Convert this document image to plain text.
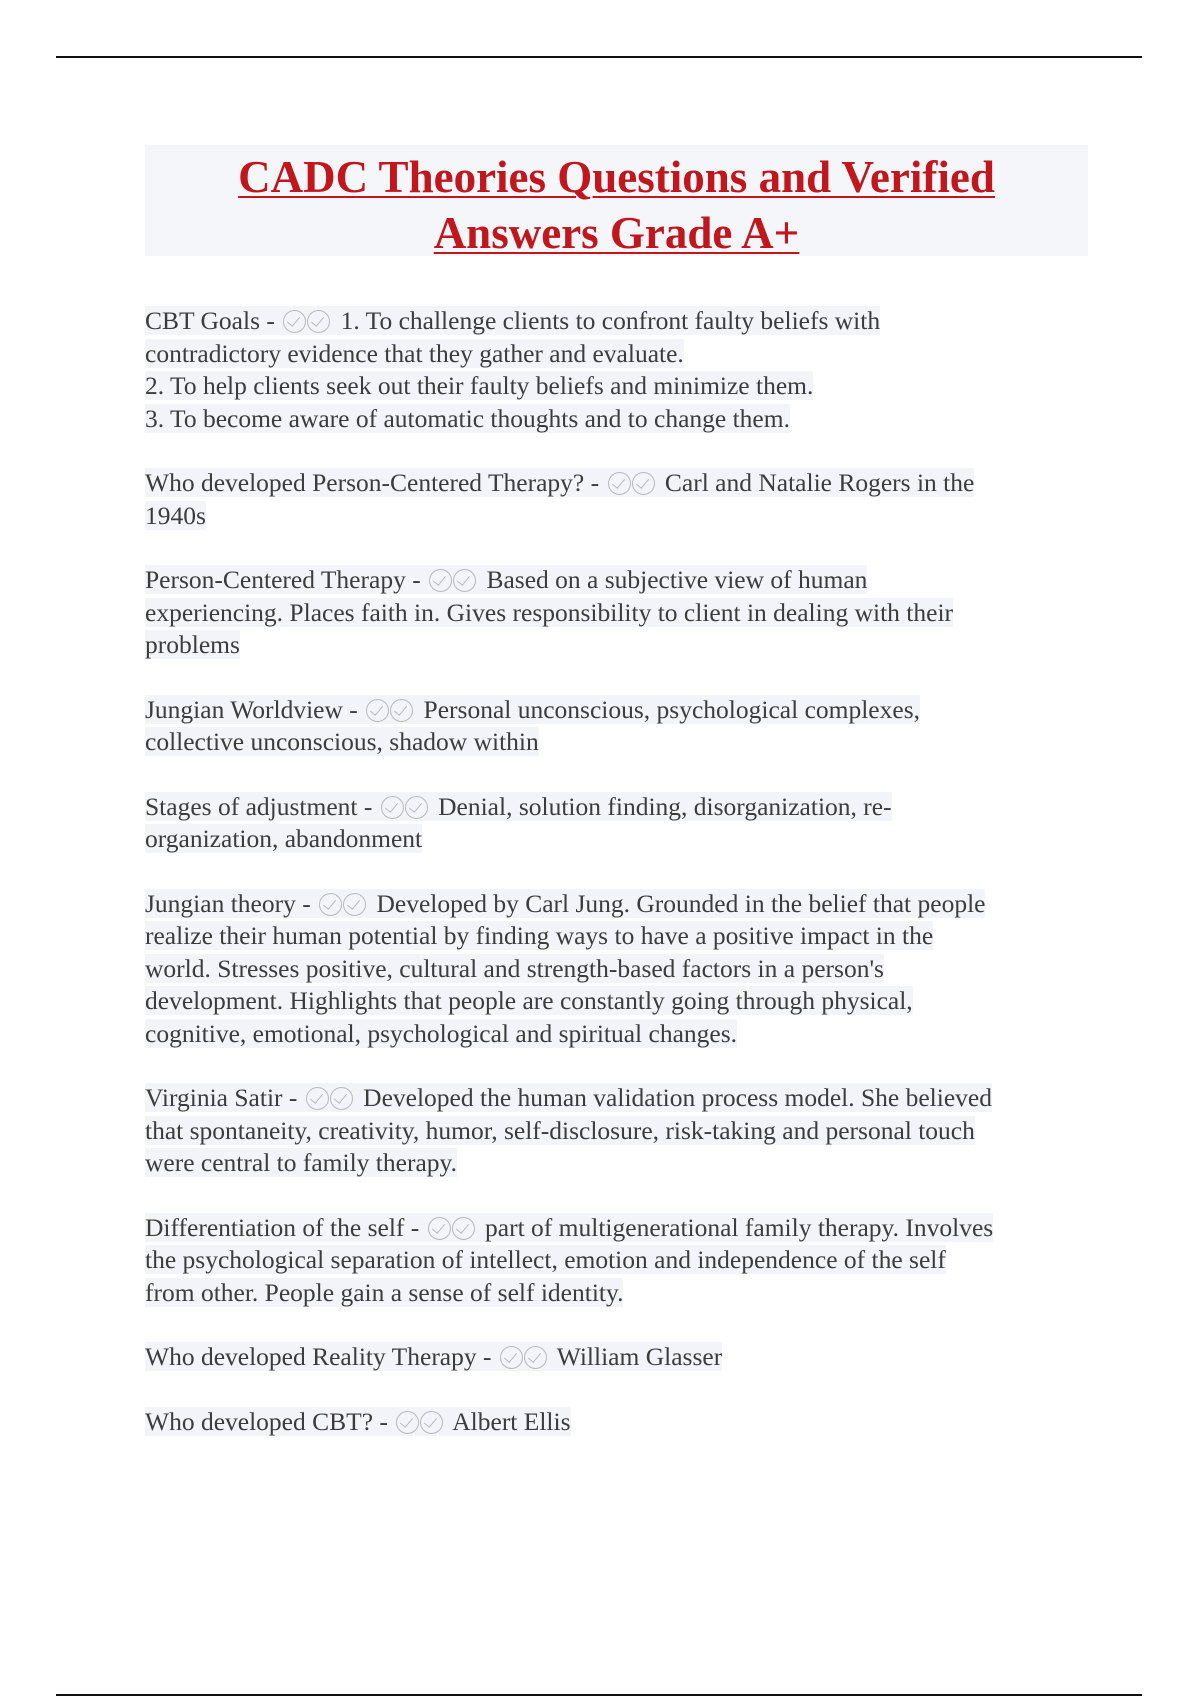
CADC Theories Questions and Verified
Answers Grade A+
CBT Goals -  1. To challenge clients to confront faulty beliefs with
contradictory evidence that they gather and evaluate.
2. To help clients seek out their faulty beliefs and minimize them.
3. To become aware of automatic thoughts and to change them.
Who developed Person-Centered Therapy? -  Carl and Natalie Rogers in the
1940s
Person-Centered Therapy -  Based on a subjective view of human
experiencing. Places faith in. Gives responsibility to client in dealing with their
problems
Jungian Worldview -  Personal unconscious, psychological complexes,
collective unconscious, shadow within
Stages of adjustment -  Denial, solution finding, disorganization, re-
organization, abandonment
Jungian theory -  Developed by Carl Jung. Grounded in the belief that people
realize their human potential by finding ways to have a positive impact in the
world. Stresses positive, cultural and strength-based factors in a person's
development. Highlights that people are constantly going through physical,
cognitive, emotional, psychological and spiritual changes.
Virginia Satir -  Developed the human validation process model. She believed
that spontaneity, creativity, humor, self-disclosure, risk-taking and personal touch
were central to family therapy.
Differentiation of the self -  part of multigenerational family therapy. Involves
the psychological separation of intellect, emotion and independence of the self
from other. People gain a sense of self identity.
Who developed Reality Therapy -  William Glasser
Who developed CBT? -  Albert Ellis
